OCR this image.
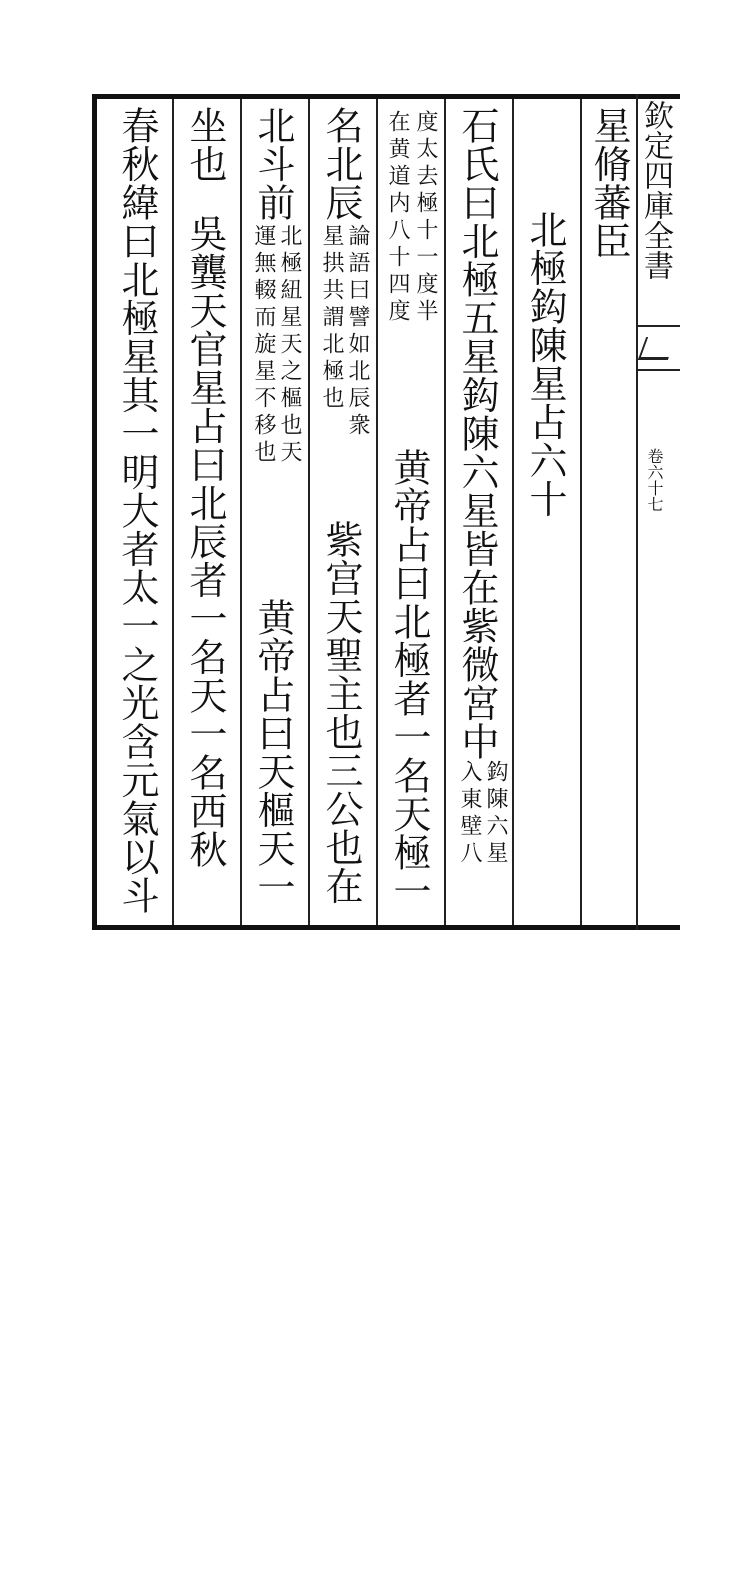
欽定四庫全書
卷六十七
星脩蕃臣
北極鈎陳星占六十
石氏曰北極五星鈎陳六星皆在紫微宮中
鈎陳六星
入東壁八
度太去極十一度半
在黄道内八十四度
黄帝占曰北極者一名天極一
名北辰
論語曰譬如北辰衆
星拱共謂北極也
紫宫天聖主也三公也在
北斗前
北極紐星天之樞也天
運無輟而旋星不移也
黄帝占曰天樞天一
坐也
吳龔天官星占曰北辰者一名天一名西秋
春秋緯曰北極星其一明大者太一之光含元氣以斗
